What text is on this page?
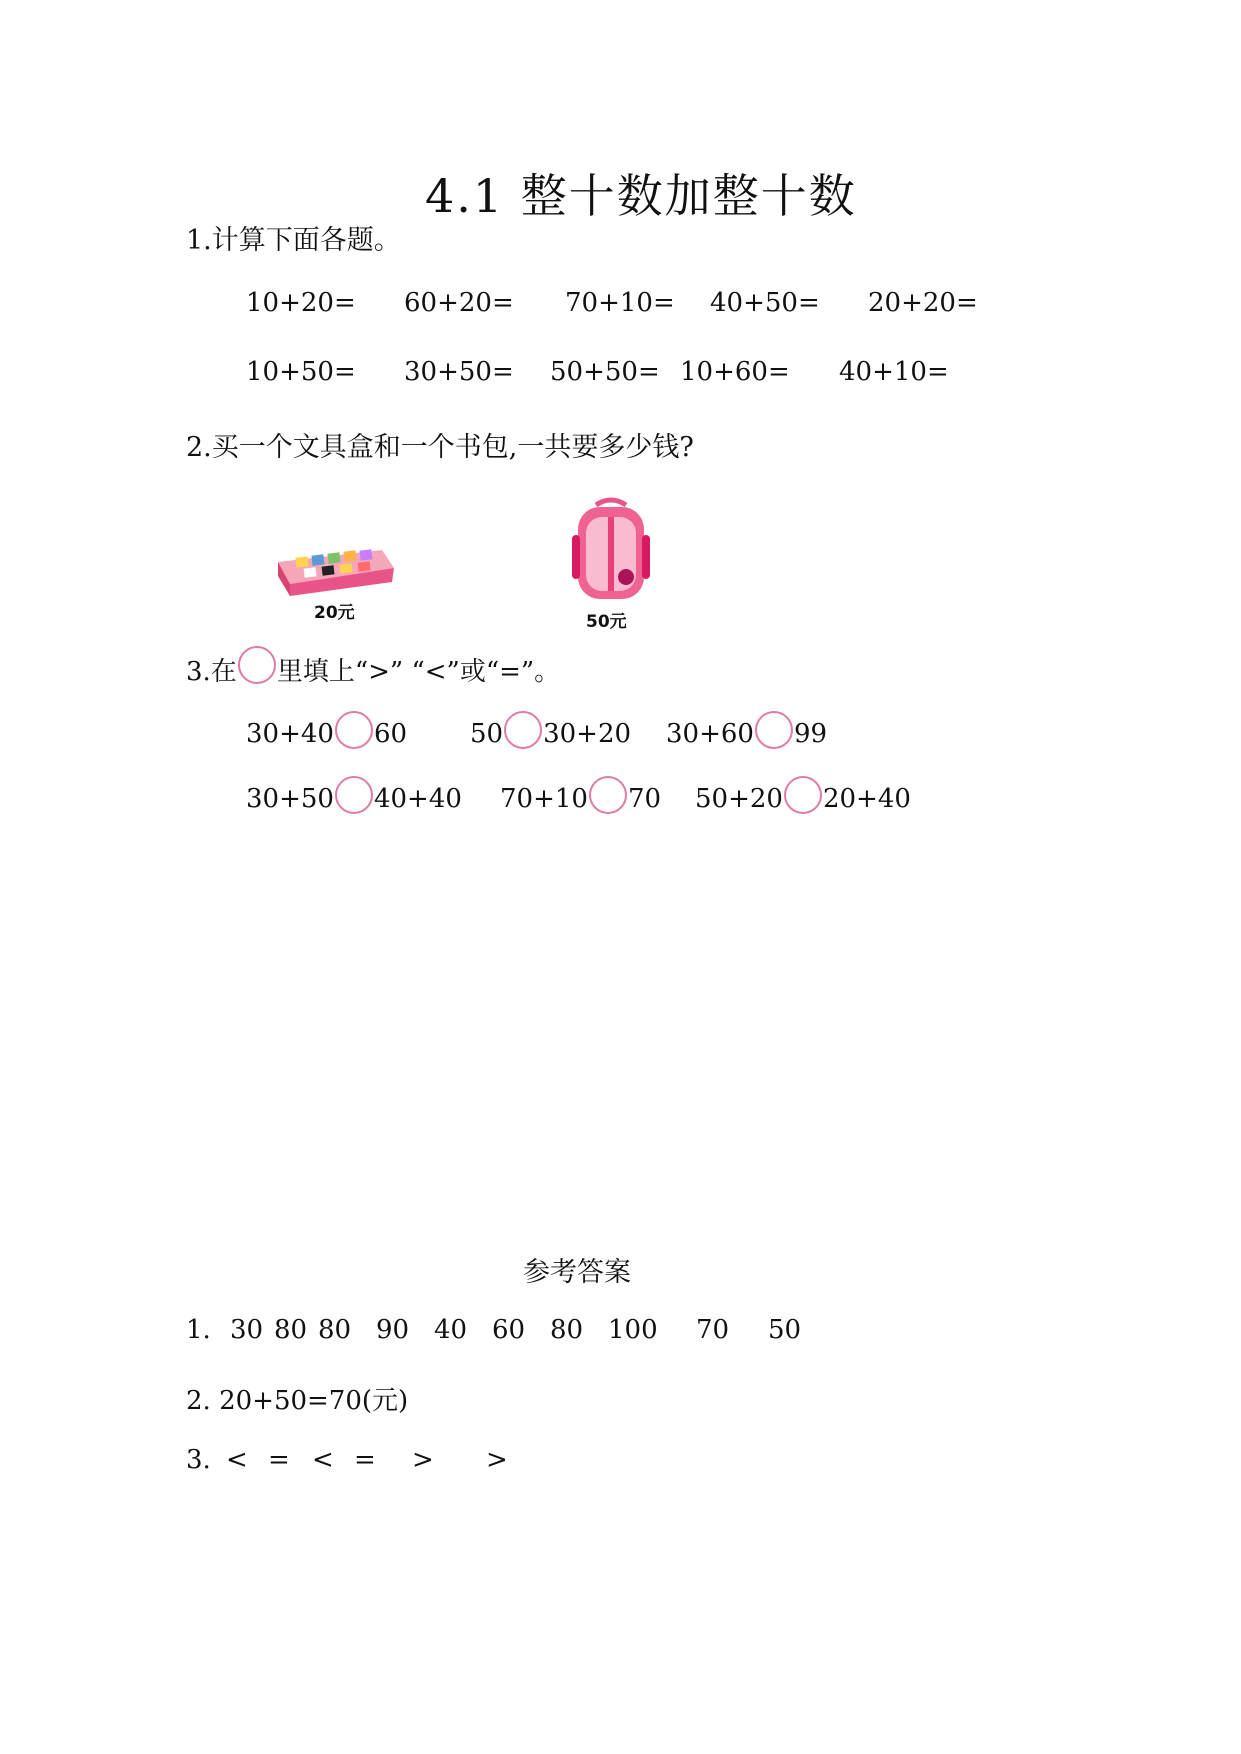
4.1 整十数加整十数
1.计算下面各题。
10+20= 60+20= 70+10= 40+50= 20+20=
10+50= 30+50= 50+50= 10+60= 40+10=
2.买一个文具盒和一个书包,一共要多少钱?
20元	50元
3.在 里填上“>” “<”或“=”。
30+40 60 50 30+20 30+60 99
30+50 40+40 70+10 70 50+20 20+40
参考答案
1. 30 80 80 90 40 60 80 100 70 50
2. 20+50=70(元)
3. < = < = > >
